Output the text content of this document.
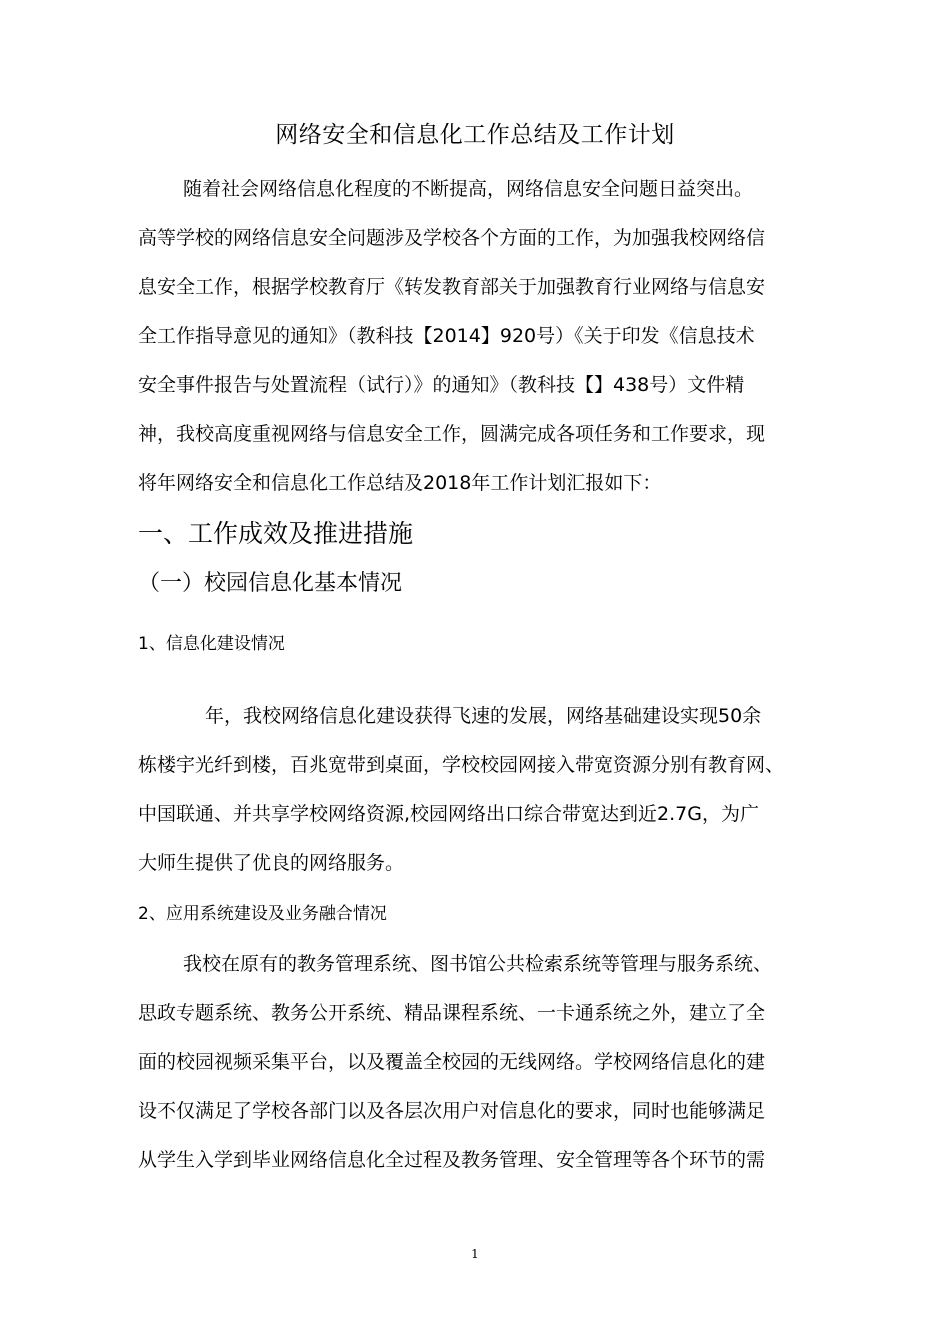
网络安全和信息化工作总结及工作计划
随着社会网络信息化程度的不断提高，网络信息安全问题日益突出。
高等学校的网络信息安全问题涉及学校各个方面的工作，为加强我校网络信
息安全工作，根据学校教育厅《转发教育部关于加强教育行业网络与信息安
全工作指导意见的通知》（教科技【2014】920号）《关于印发《信息技术
安全事件报告与处置流程（试行）》的通知》（教科技【】438号）文件精
神，我校高度重视网络与信息安全工作，圆满完成各项任务和工作要求，现
将年网络安全和信息化工作总结及2018年工作计划汇报如下：
一、工作成效及推进措施
（一）校园信息化基本情况
1、信息化建设情况
年，我校网络信息化建设获得飞速的发展，网络基础建设实现50余
栋楼宇光纤到楼，百兆宽带到桌面，学校校园网接入带宽资源分别有教育网、
中国联通、并共享学校网络资源,校园网络出口综合带宽达到近2.7G，为广
大师生提供了优良的网络服务。
2、应用系统建设及业务融合情况
我校在原有的教务管理系统、图书馆公共检索系统等管理与服务系统、
思政专题系统、教务公开系统、精品课程系统、一卡通系统之外，建立了全
面的校园视频采集平台，以及覆盖全校园的无线网络。学校网络信息化的建
设不仅满足了学校各部门以及各层次用户对信息化的要求，同时也能够满足
从学生入学到毕业网络信息化全过程及教务管理、安全管理等各个环节的需
1
